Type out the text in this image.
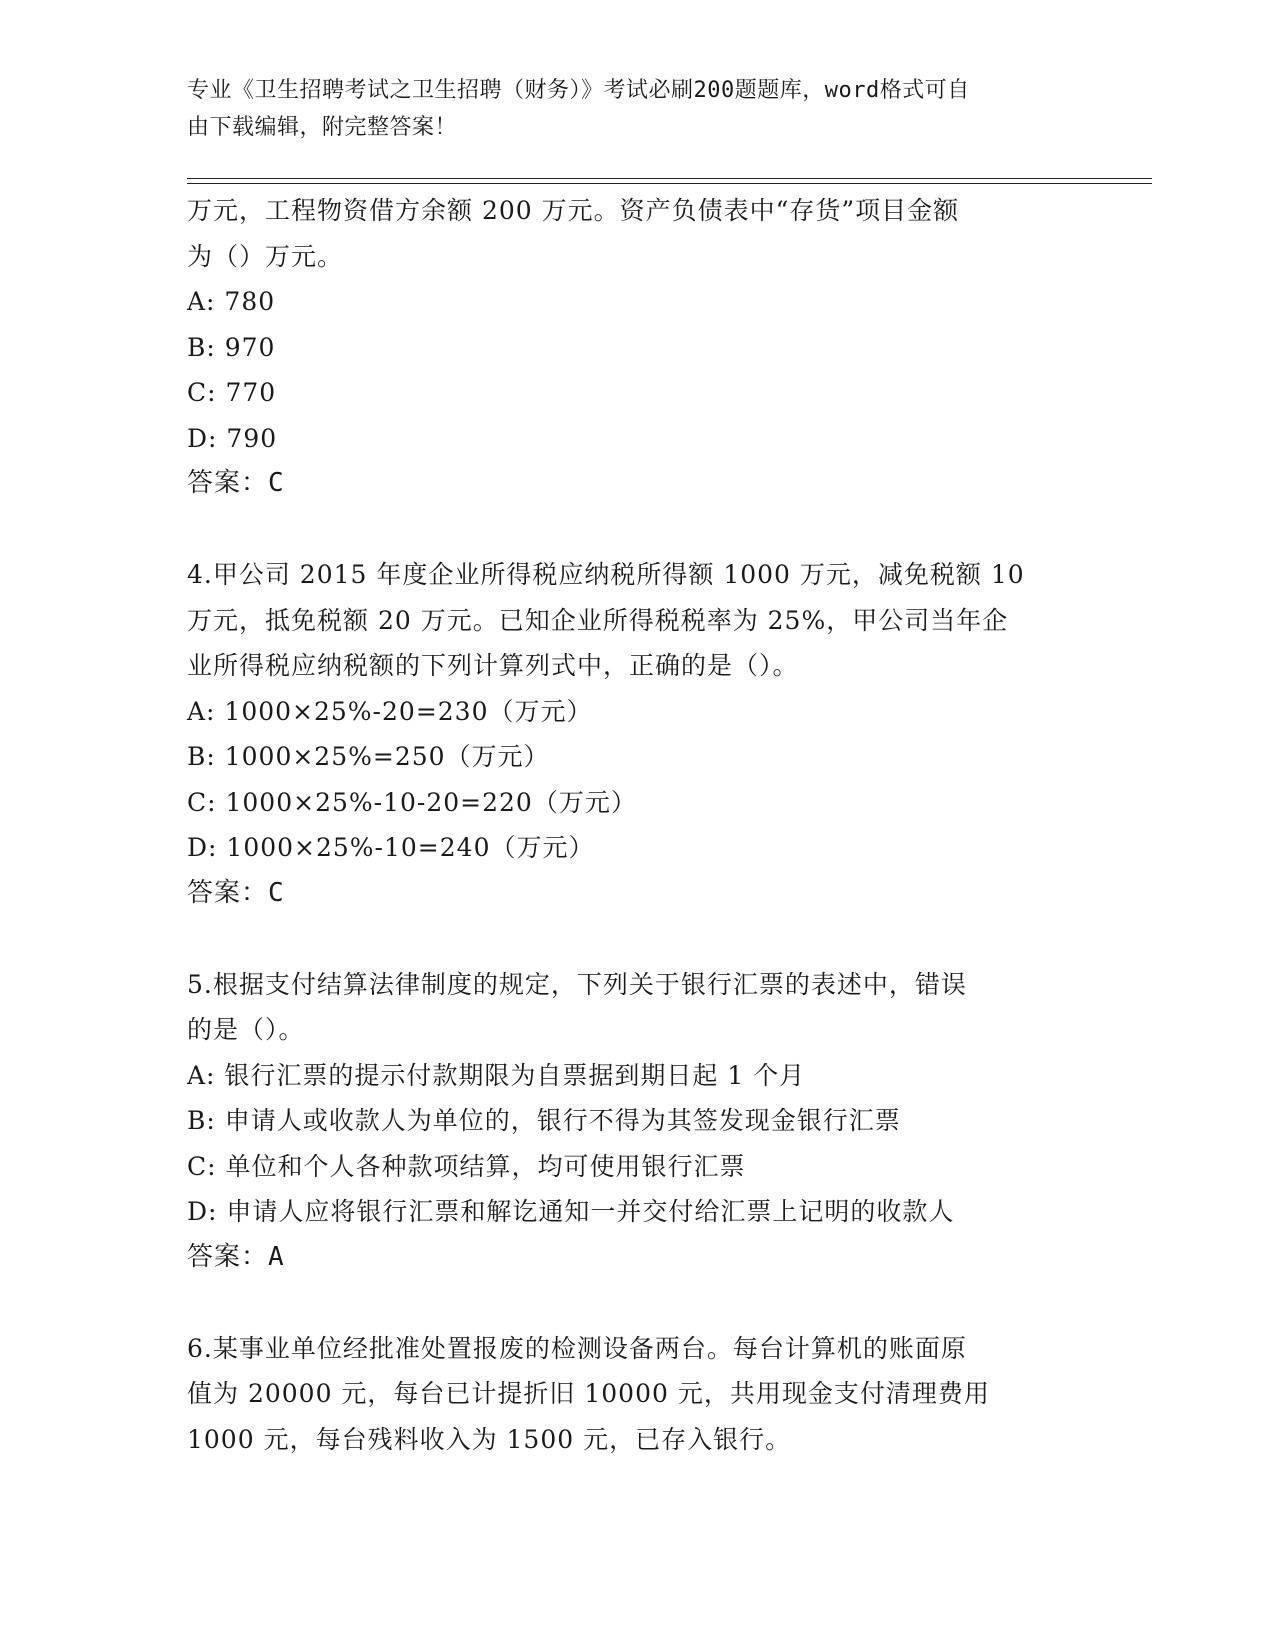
专业《卫生招聘考试之卫生招聘（财务）》考试必刷200题题库，word格式可自
由下载编辑，附完整答案！
万元，工程物资借方余额 200 万元。资产负债表中“存货”项目金额
为（）万元。
A: 780
B: 970
C: 770
D: 790
答案：C
4.甲公司 2015 年度企业所得税应纳税所得额 1000 万元，减免税额 10
万元，抵免税额 20 万元。已知企业所得税税率为 25%，甲公司当年企
业所得税应纳税额的下列计算列式中，正确的是（）。
A: 1000×25%-20=230（万元）
B: 1000×25%=250（万元）
C: 1000×25%-10-20=220（万元）
D: 1000×25%-10=240（万元）
答案：C
5.根据支付结算法律制度的规定，下列关于银行汇票的表述中，错误
的是（）。
A: 银行汇票的提示付款期限为自票据到期日起 1 个月
B: 申请人或收款人为单位的，银行不得为其签发现金银行汇票
C: 单位和个人各种款项结算，均可使用银行汇票
D: 申请人应将银行汇票和解讫通知一并交付给汇票上记明的收款人
答案：A
6.某事业单位经批准处置报废的检测设备两台。每台计算机的账面原
值为 20000 元，每台已计提折旧 10000 元，共用现金支付清理费用
1000 元，每台残料收入为 1500 元，已存入银行。
